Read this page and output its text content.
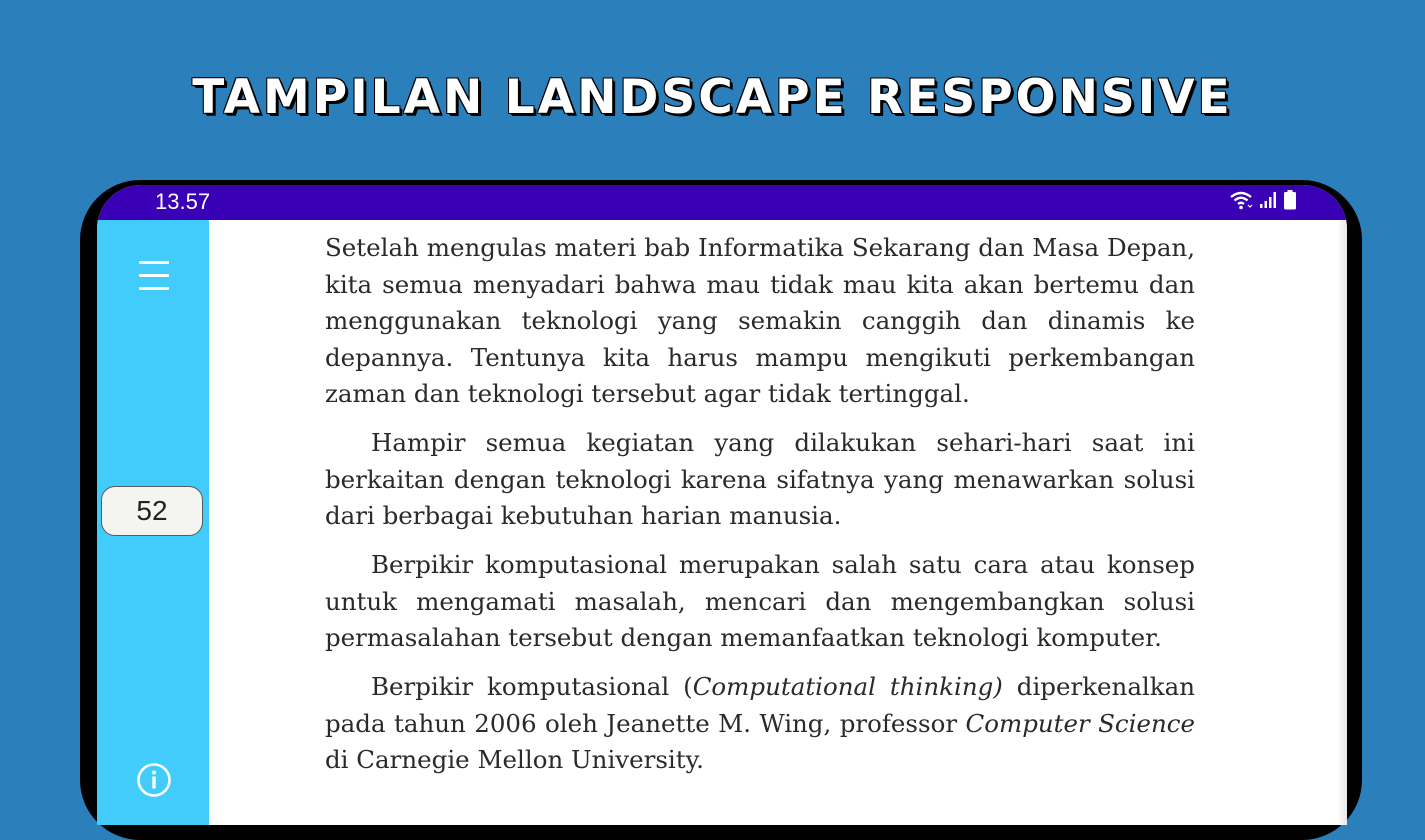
TAMPILAN LANDSCAPE RESPONSIVE
13.57
52

Setelah mengulas materi bab Informatika Sekarang dan Masa Depan, kita semua menyadari bahwa mau tidak mau kita akan bertemu dan menggunakan teknologi yang semakin canggih dan dinamis ke depannya. Tentunya kita harus mampu mengikuti perkembangan zaman dan teknologi tersebut agar tidak tertinggal.

Hampir semua kegiatan yang dilakukan sehari-hari saat ini berkaitan dengan teknologi karena sifatnya yang menawarkan solusi dari berbagai kebutuhan harian manusia.

Berpikir komputasional merupakan salah satu cara atau konsep untuk mengamati masalah, mencari dan mengembangkan solusi permasalahan tersebut dengan memanfaatkan teknologi komputer.

Berpikir komputasional (Computational thinking) diperkenalkan pada tahun 2006 oleh Jeanette M. Wing, professor Computer Science di Carnegie Mellon University.
